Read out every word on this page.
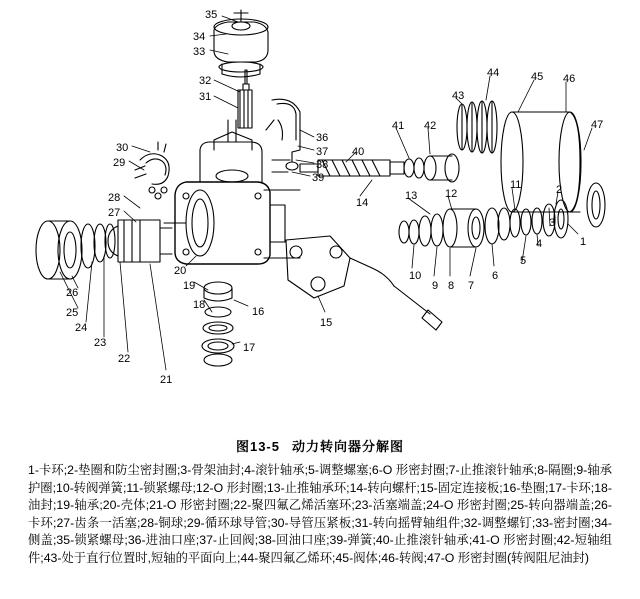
35
34
33
32
31
30
29
28
27
26
25
24
23
22
21
20
19
18
16
17
36
37
38
39
40
41 42
43
44	45 46
47
14
15
13	12
11	2
1
3
4
5
6
7
8
9
10
图13-5 动力转向器分解图
1-卡环;2-垫圈和防尘密封圈;3-骨架油封;4-滚针轴承;5-调整螺塞;6-O 形密封圈;7-止推滚针轴承;8-隔圈;9-轴承护圈;10-转阀弹簧;11-锁紧螺母;12-O 形封圈;13-止推轴承环;14-转向螺杆;15-固定连接板;16-垫圈;17-卡环;18-油封;19-轴承;20-壳体;21-O 形密封圈;22-聚四氟乙烯活塞环;23-活塞端盖;24-O 形密封圈;25-转向器端盖;26-卡环;27-齿条一活塞;28-铜球;29-循环球导管;30-导管压紧板;31-转向摇臂轴组件;32-调整螺钉;33-密封圈;34-侧盖;35-锁紧螺母;36-进油口座;37-止回阀;38-回油口座;39-弹簧;40-止推滚针轴承;41-O 形密封圈;42-短轴组件;43-处于直行位置时,短轴的平面向上;44-聚四氟乙烯环;45-阀体;46-转阀;47-O 形密封圈(转阀阻尼油封)
